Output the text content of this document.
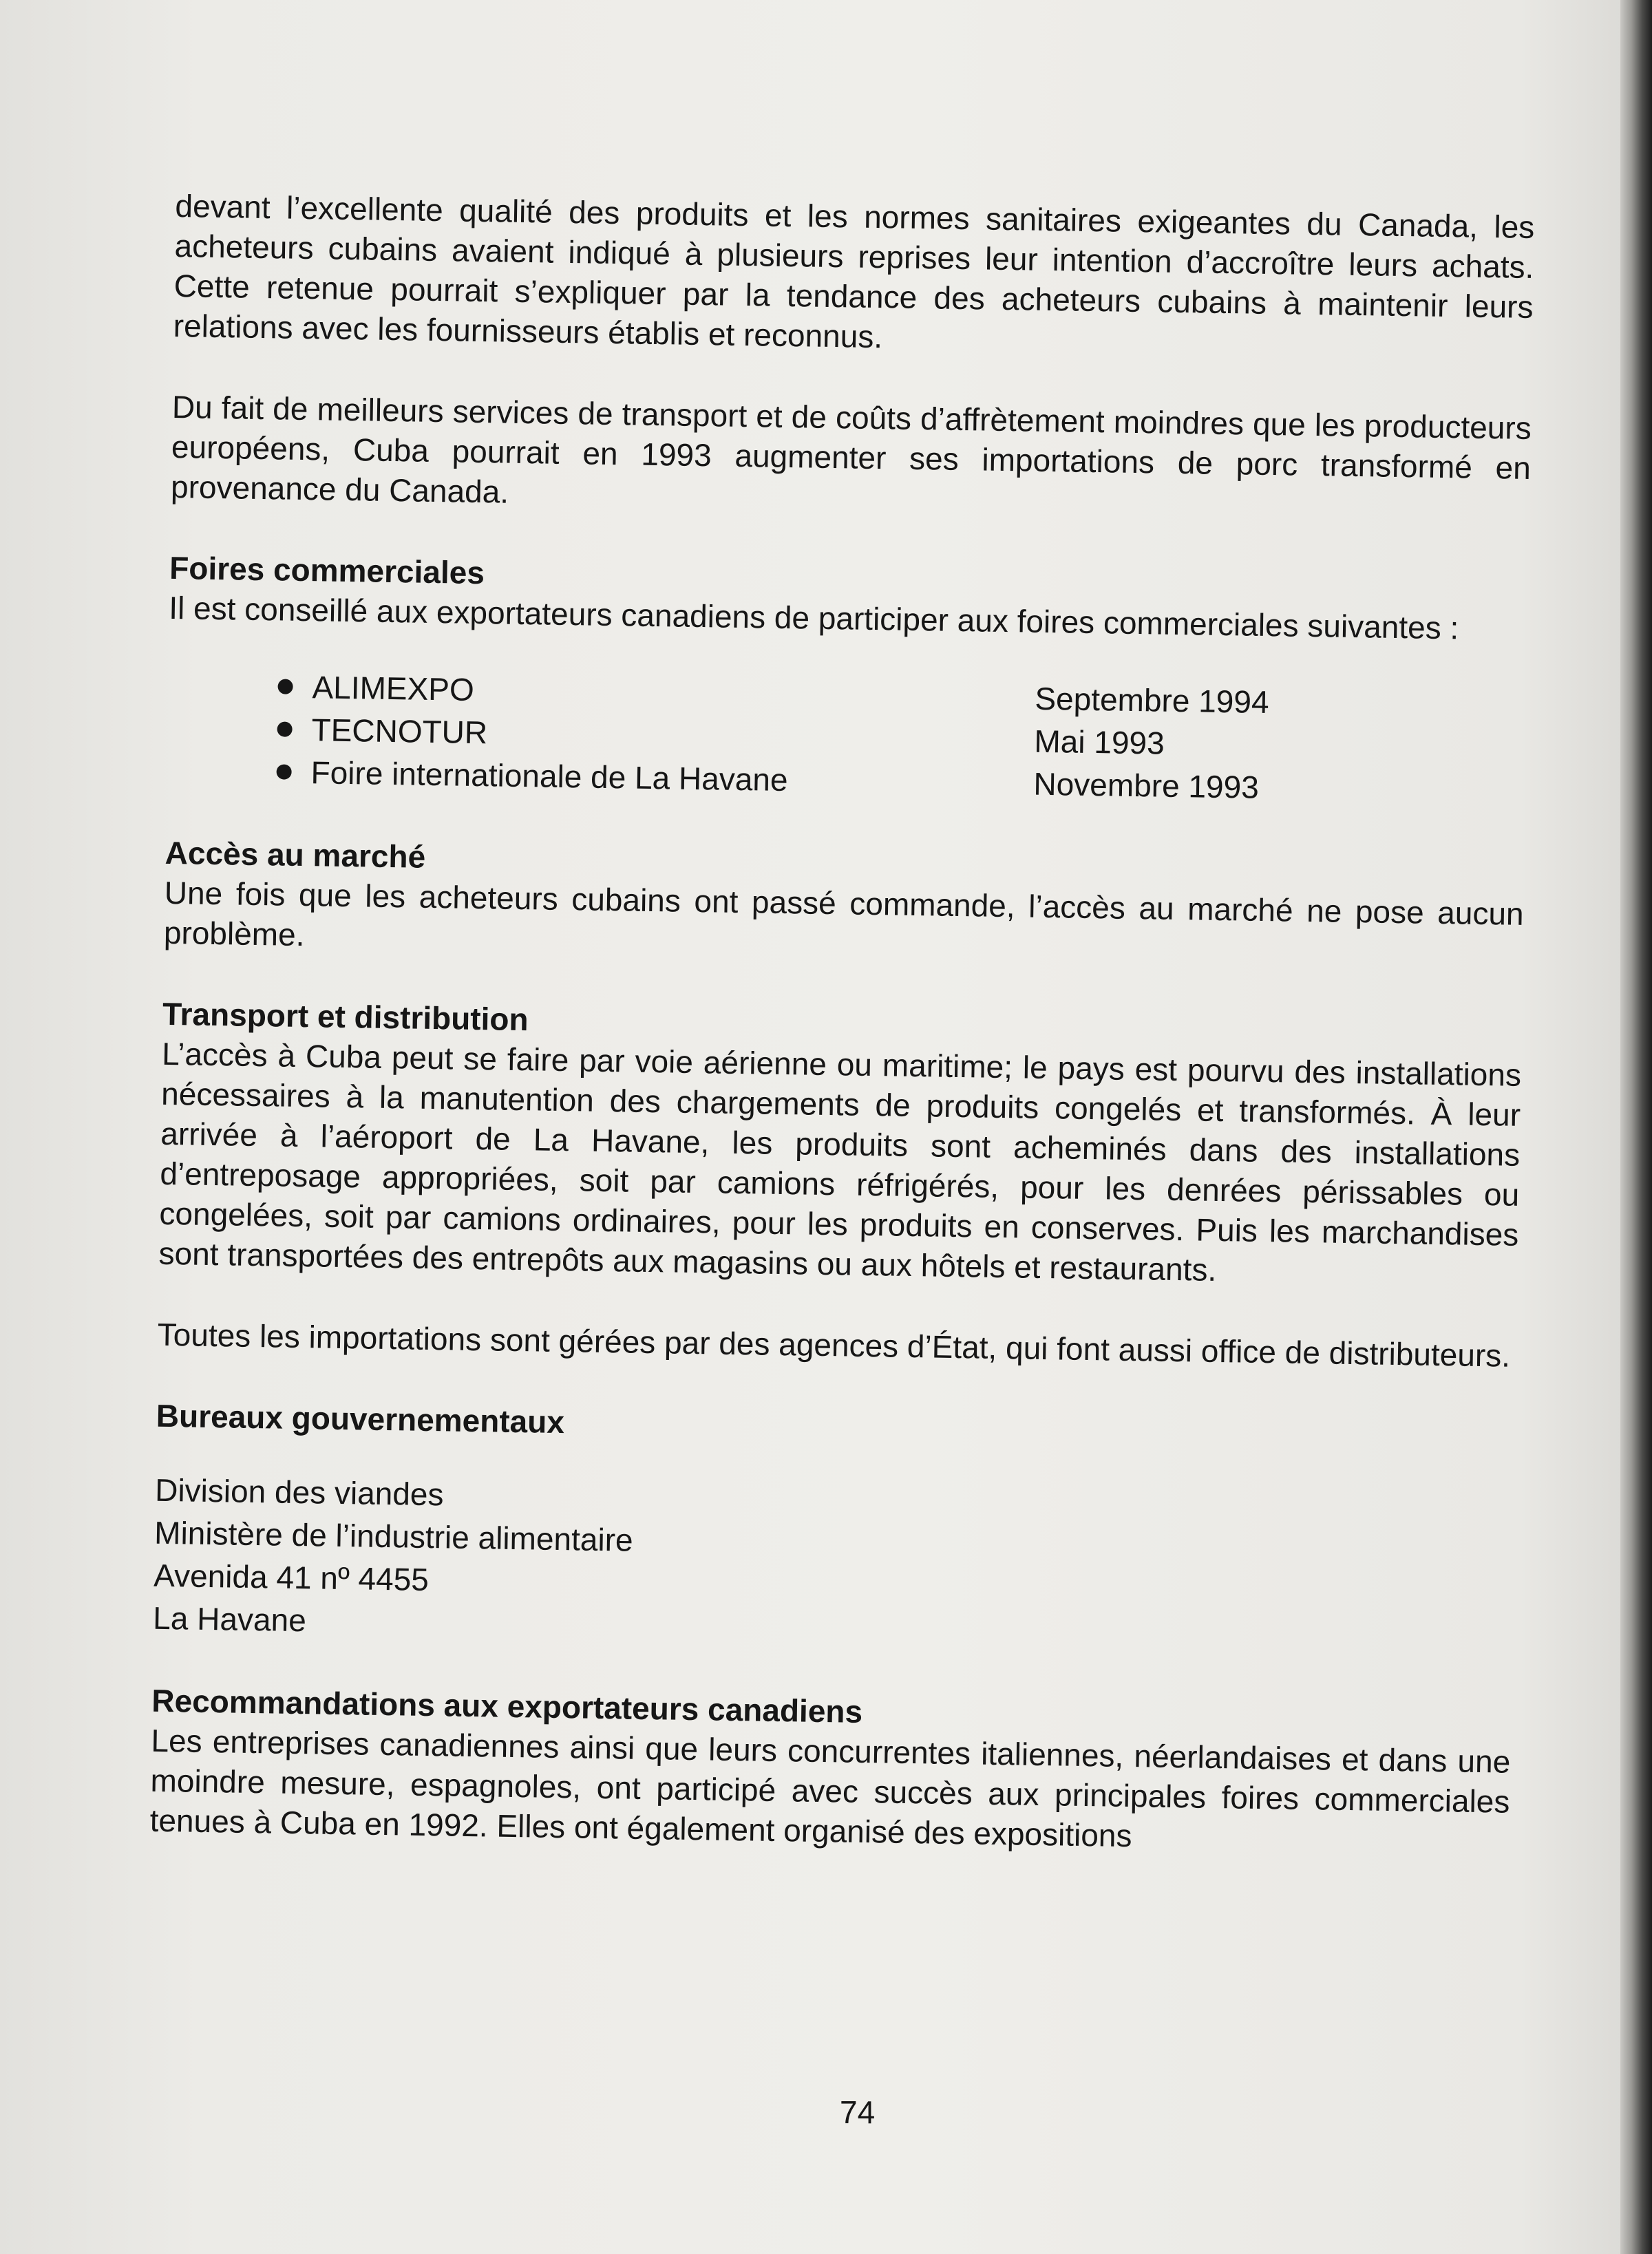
devant l’excellente qualité des produits et les normes sanitaires exigeantes du Canada, les acheteurs cubains avaient indiqué à plusieurs reprises leur intention d’accroître leurs achats. Cette retenue pourrait s’expliquer par la tendance des acheteurs cubains à maintenir leurs relations avec les fournisseurs établis et reconnus.

Du fait de meilleurs services de transport et de coûts d’affrètement moindres que les producteurs européens, Cuba pourrait en 1993 augmenter ses importations de porc transformé en provenance du Canada.

Foires commerciales

Il est conseillé aux exportateurs canadiens de participer aux foires commerciales suivantes :

ALIMEXPO	Septembre 1994
TECNOTUR	Mai 1993
Foire internationale de La Havane	Novembre 1993
Accès au marché

Une fois que les acheteurs cubains ont passé commande, l’accès au marché ne pose aucun problème.

Transport et distribution

L’accès à Cuba peut se faire par voie aérienne ou maritime; le pays est pourvu des installations nécessaires à la manutention des chargements de produits congelés et transformés. À leur arrivée à l’aéroport de La Havane, les produits sont acheminés dans des installations d’entreposage appropriées, soit par camions réfrigérés, pour les denrées périssables ou congelées, soit par camions ordinaires, pour les produits en conserves. Puis les marchandises sont transportées des entrepôts aux magasins ou aux hôtels et restaurants.

Toutes les importations sont gérées par des agences d’État, qui font aussi office de distributeurs.

Bureaux gouvernementaux
Division des viandes
Ministère de l’industrie alimentaire
Avenida 41 nº 4455
La Havane
Recommandations aux exportateurs canadiens

Les entreprises canadiennes ainsi que leurs concurrentes italiennes, néerlandaises et dans une moindre mesure, espagnoles, ont participé avec succès aux principales foires commerciales tenues à Cuba en 1992. Elles ont également organisé des expositions

74
